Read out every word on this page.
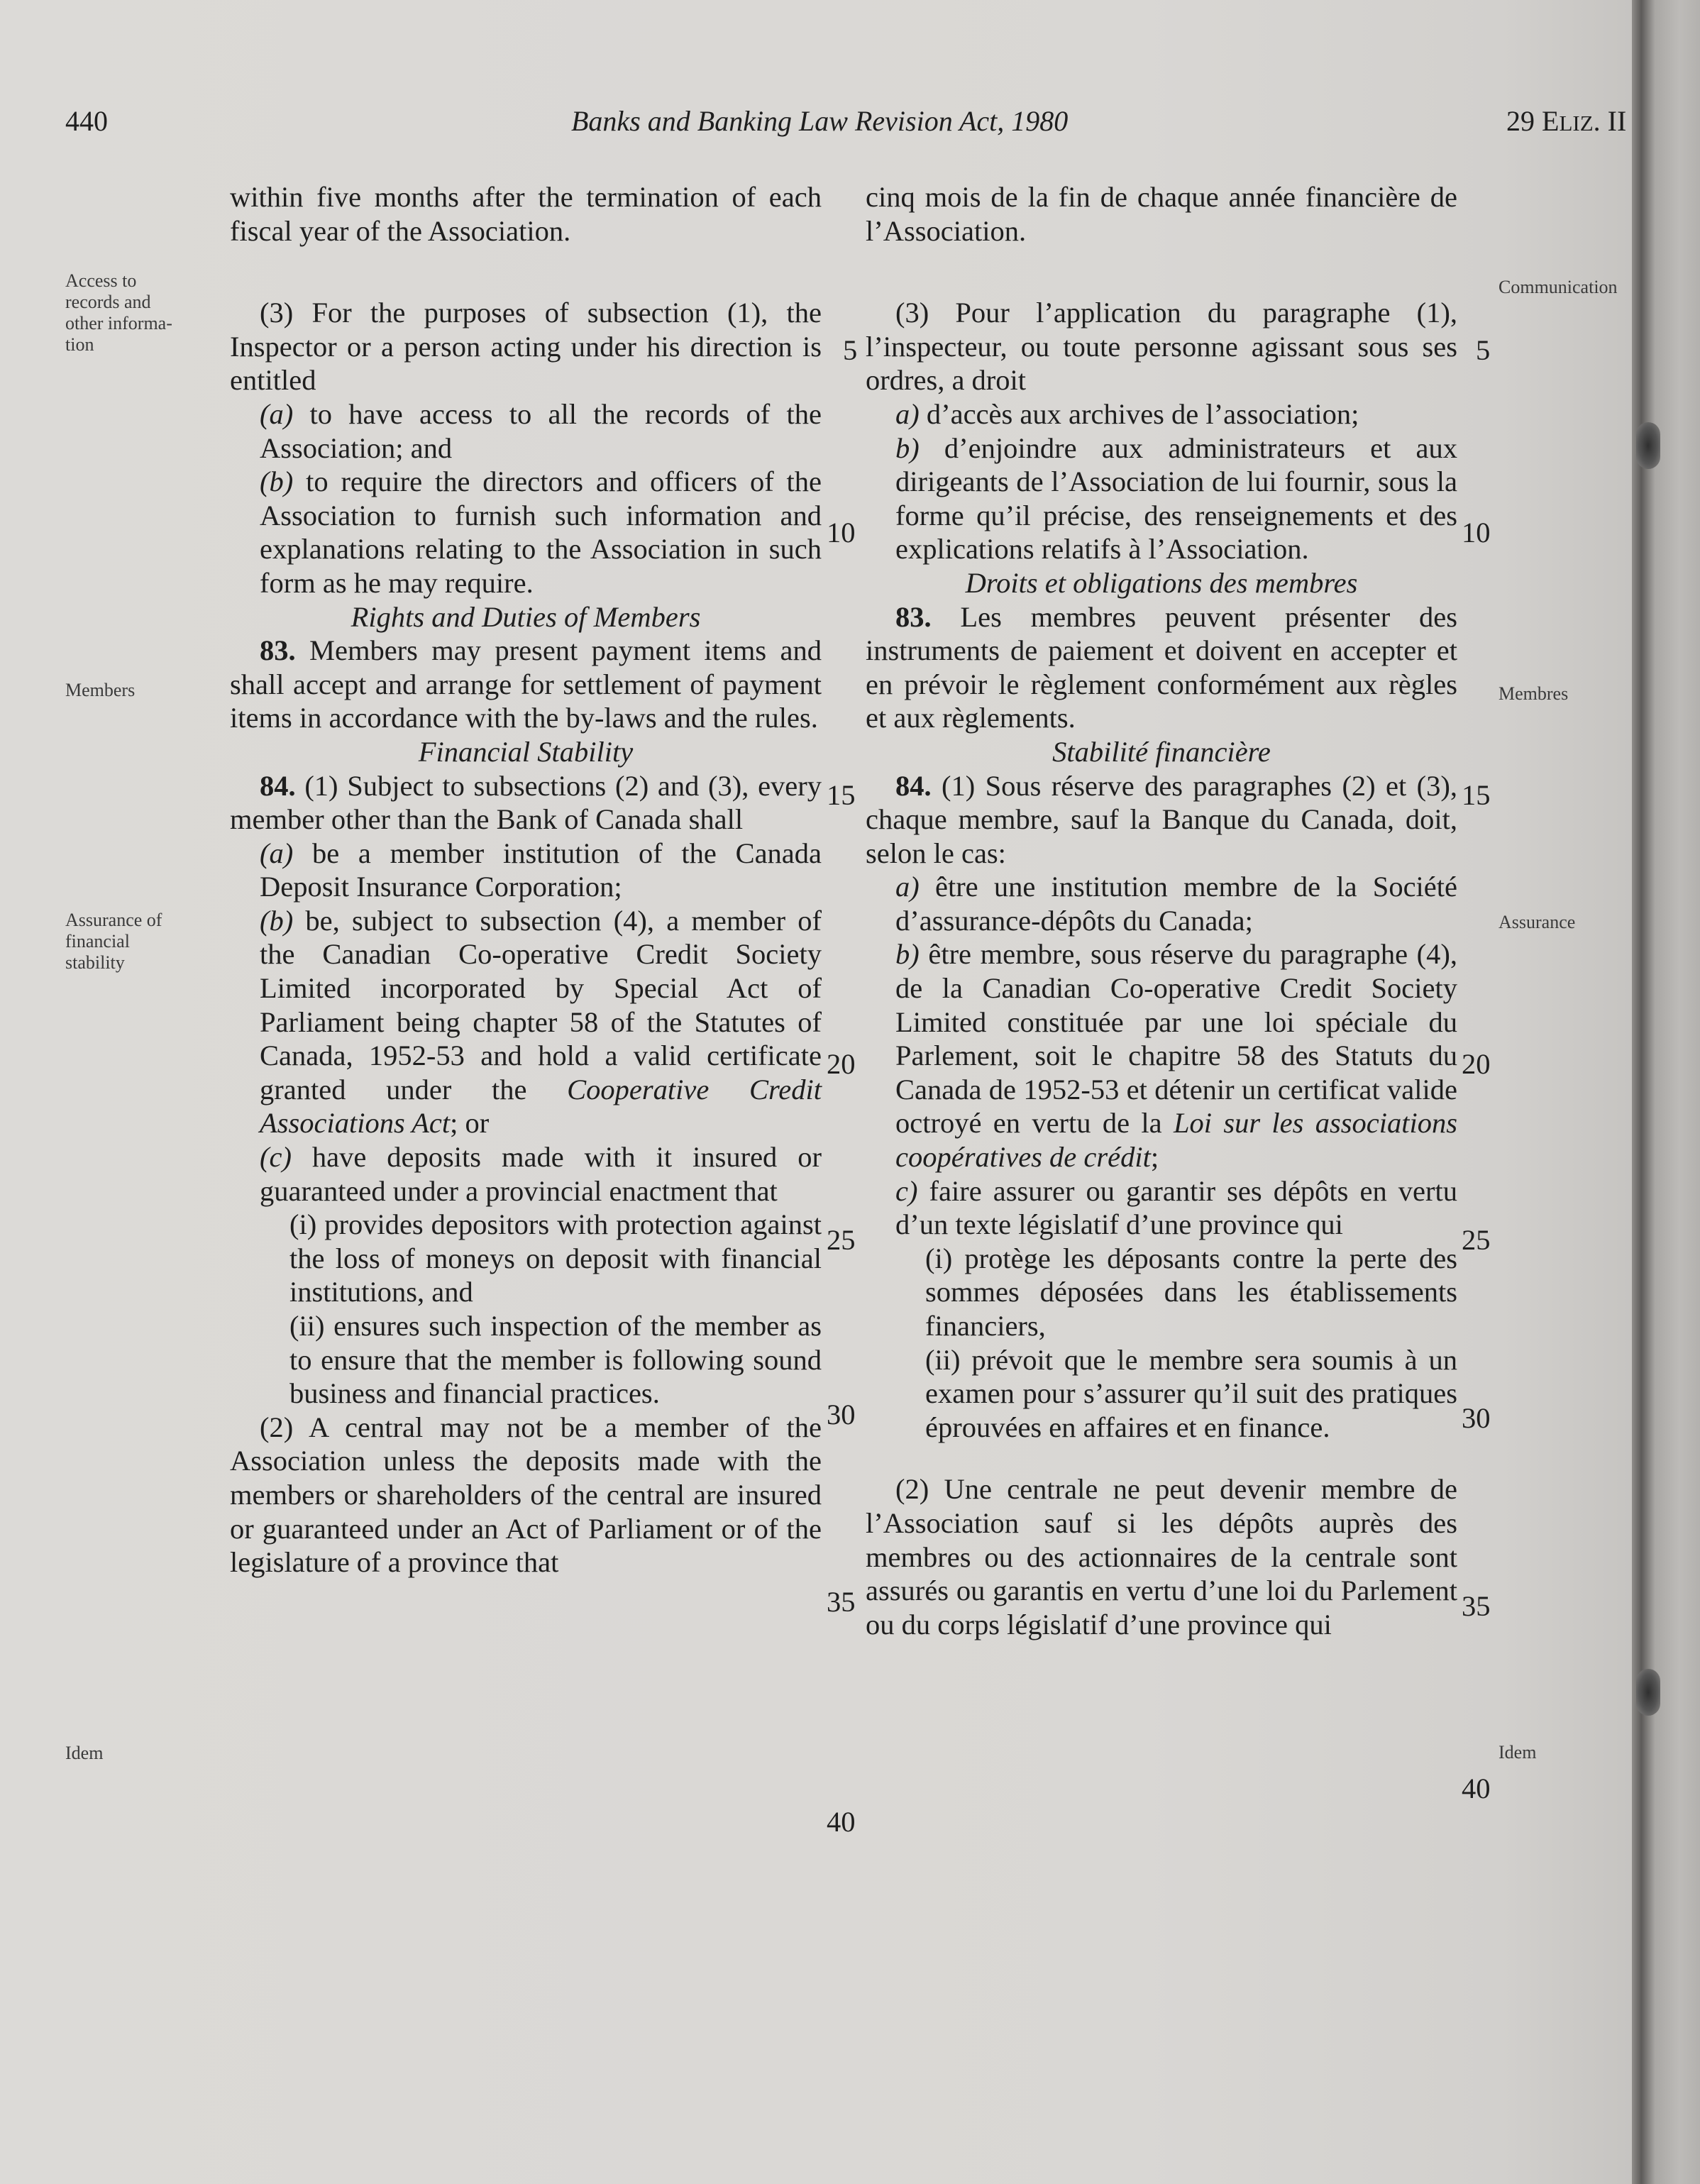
440	Banks and Banking Law Revision Act, 1980	29 ELIZ. II
Access to records and other informa-tion
Members
Assurance of financial stability
Idem
Communication
Membres
Assurance
Idem
5
10
15
20
25
30
35
40
5
10
15
20
25
30
35
40

within five months after the termination of each fiscal year of the Association.

(3) For the purposes of subsection (1), the Inspector or a person acting under his direction is entitled

(a) to have access to all the records of the Association; and

(b) to require the directors and officers of the Association to furnish such information and explanations relating to the Association in such form as he may require.

Rights and Duties of Members

83. Members may present payment items and shall accept and arrange for settlement of payment items in accordance with the by-laws and the rules.

Financial Stability

84. (1) Subject to subsections (2) and (3), every member other than the Bank of Canada shall

(a) be a member institution of the Canada Deposit Insurance Corporation;

(b) be, subject to subsection (4), a member of the Canadian Co-operative Credit Society Limited incorporated by Special Act of Parliament being chapter 58 of the Statutes of Canada, 1952-53 and hold a valid certificate granted under the Cooperative Credit Associations Act; or

(c) have deposits made with it insured or guaranteed under a provincial enactment that

(i) provides depositors with protection against the loss of moneys on deposit with financial institutions, and

(ii) ensures such inspection of the member as to ensure that the member is following sound business and financial practices.

(2) A central may not be a member of the Association unless the deposits made with the members or shareholders of the central are insured or guaranteed under an Act of Parliament or of the legislature of a province that

cinq mois de la fin de chaque année financière de l’Association.

(3) Pour l’application du paragraphe (1), l’inspecteur, ou toute personne agissant sous ses ordres, a droit

a) d’accès aux archives de l’association;

b) d’enjoindre aux administrateurs et aux dirigeants de l’Association de lui fournir, sous la forme qu’il précise, des renseignements et des explications relatifs à l’Association.

Droits et obligations des membres

83. Les membres peuvent présenter des instruments de paiement et doivent en accepter et en prévoir le règlement conformément aux règles et aux règlements.

Stabilité financière

84. (1) Sous réserve des paragraphes (2) et (3), chaque membre, sauf la Banque du Canada, doit, selon le cas:

a) être une institution membre de la Société d’assurance-dépôts du Canada;

b) être membre, sous réserve du paragraphe (4), de la Canadian Co-operative Credit Society Limited constituée par une loi spéciale du Parlement, soit le chapitre 58 des Statuts du Canada de 1952-53 et détenir un certificat valide octroyé en vertu de la Loi sur les associations coopératives de crédit;

c) faire assurer ou garantir ses dépôts en vertu d’un texte législatif d’une province qui

(i) protège les déposants contre la perte des sommes déposées dans les établissements financiers,

(ii) prévoit que le membre sera soumis à un examen pour s’assurer qu’il suit des pratiques éprouvées en affaires et en finance.

(2) Une centrale ne peut devenir membre de l’Association sauf si les dépôts auprès des membres ou des actionnaires de la centrale sont assurés ou garantis en vertu d’une loi du Parlement ou du corps législatif d’une province qui
